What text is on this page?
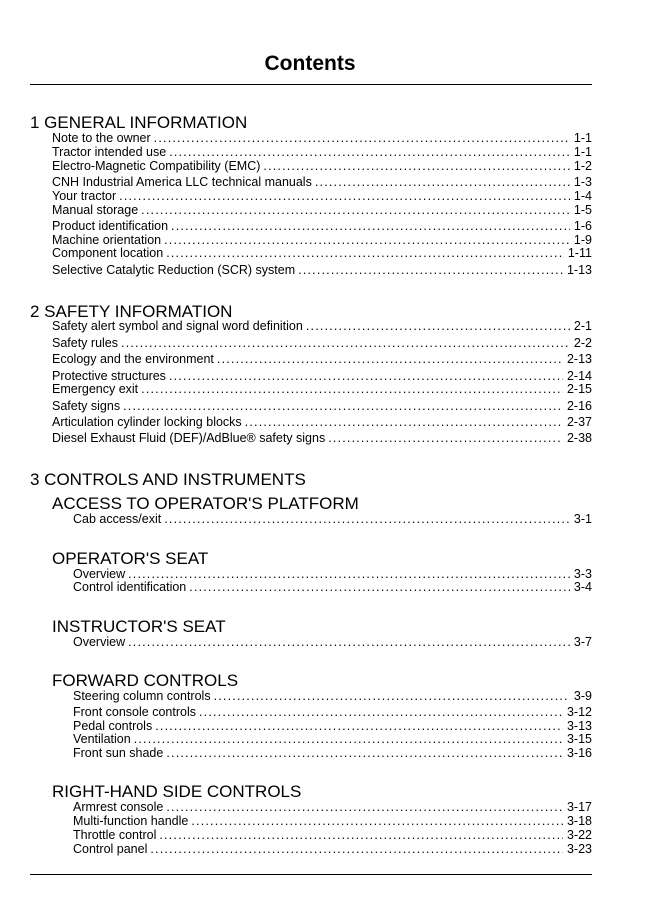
Contents
1 GENERAL INFORMATION
Note to the owner .....	1-1
Tractor intended use .....	1-1
Electro-Magnetic Compatibility (EMC) .....	1-2
CNH Industrial America LLC technical manuals .....	1-3
Your tractor .....	1-4
Manual storage .....	1-5
Product identification .....	1-6
Machine orientation .....	1-9
Component location .....	1-11
Selective Catalytic Reduction (SCR) system .....	1-13
2 SAFETY INFORMATION
Safety alert symbol and signal word definition .....	2-1
Safety rules .....	2-2
Ecology and the environment .....	2-13
Protective structures .....	2-14
Emergency exit .....	2-15
Safety signs .....	2-16
Articulation cylinder locking blocks .....	2-37
Diesel Exhaust Fluid (DEF)/AdBlue® safety signs .....	2-38
3 CONTROLS AND INSTRUMENTS
ACCESS TO OPERATOR'S PLATFORM
Cab access/exit .....	3-1
OPERATOR'S SEAT
Overview .....	3-3
Control identification .....	3-4
INSTRUCTOR'S SEAT
Overview .....	3-7
FORWARD CONTROLS
Steering column controls .....	3-9
Front console controls .....	3-12
Pedal controls .....	3-13
Ventilation .....	3-15
Front sun shade .....	3-16
RIGHT-HAND SIDE CONTROLS
Armrest console .....	3-17
Multi-function handle .....	3-18
Throttle control .....	3-22
Control panel .....	3-23
